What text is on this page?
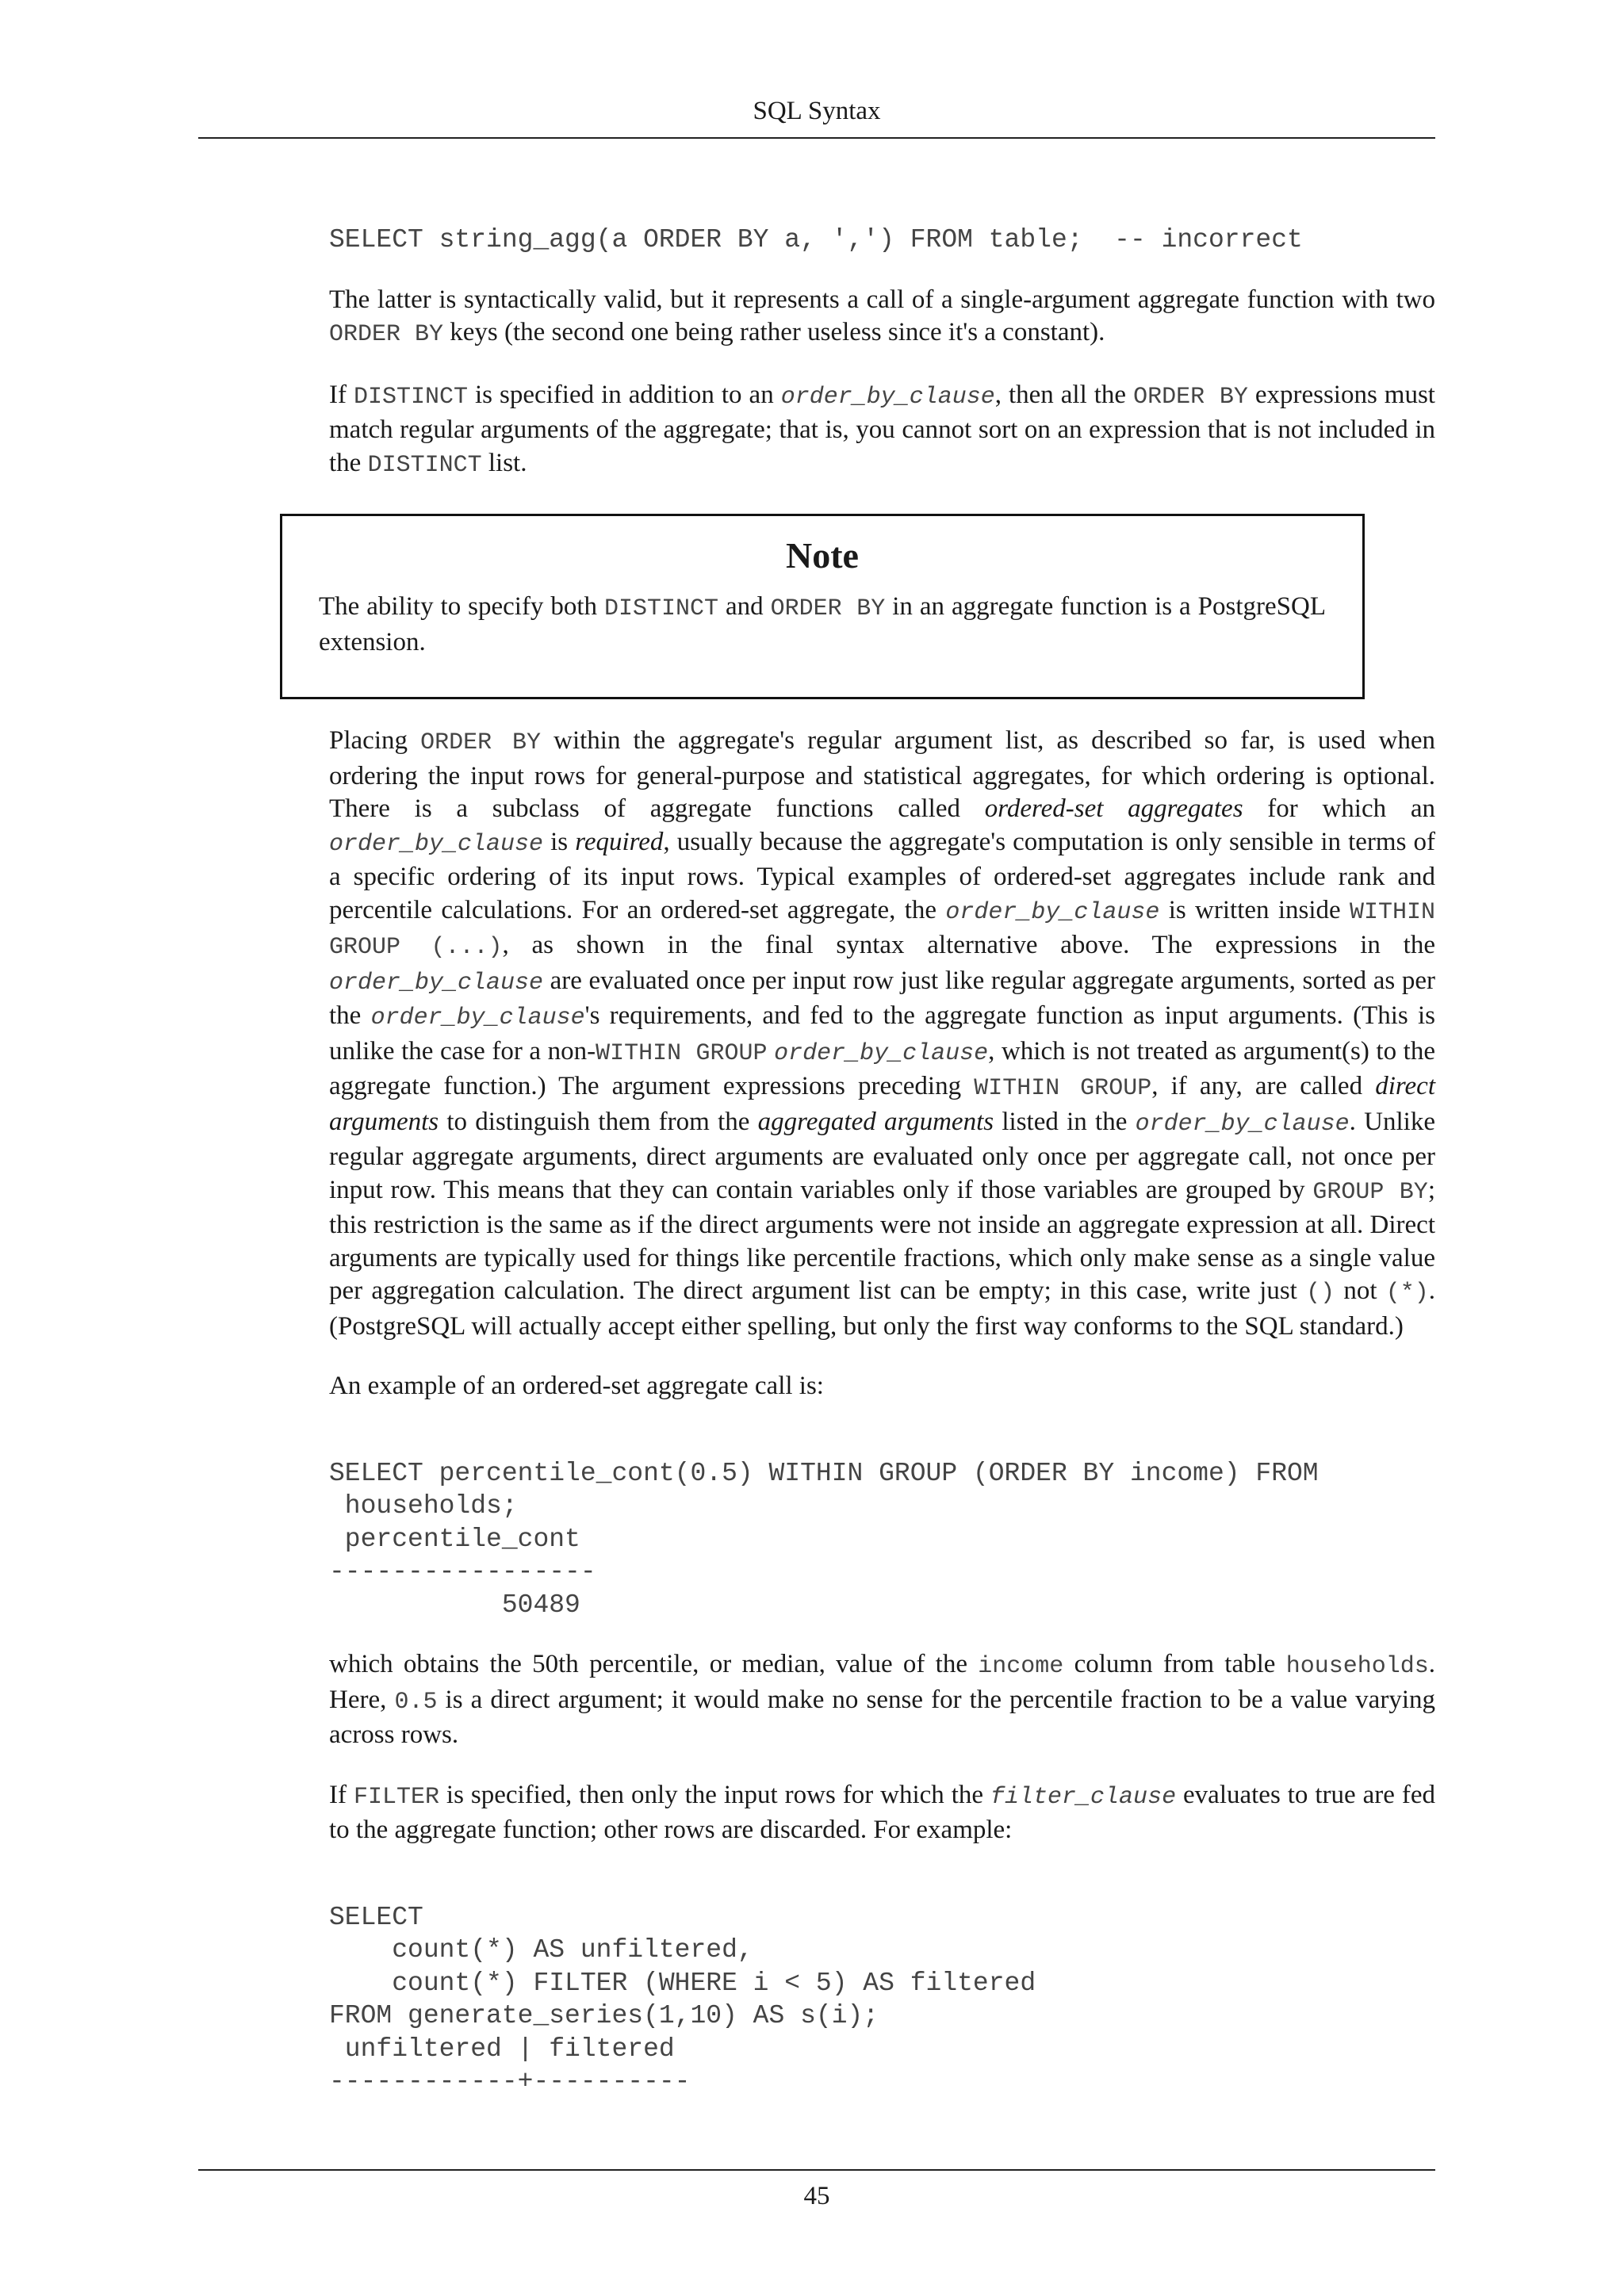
SQL Syntax
SELECT string_agg(a ORDER BY a, ',') FROM table;  -- incorrect

The latter is syntactically valid, but it represents a call of a single-argument aggregate function with two ORDER BY keys (the second one being rather useless since it's a constant).

If DISTINCT is specified in addition to an order_by_clause, then all the ORDER BY expressions must match regular arguments of the aggregate; that is, you cannot sort on an expression that is not included in the DISTINCT list.

Note

The ability to specify both DISTINCT and ORDER BY in an aggregate function is a PostgreSQL extension.

Placing ORDER BY within the aggregate's regular argument list, as described so far, is used when ordering the input rows for general-purpose and statistical aggregates, for which ordering is optional. There is a subclass of aggregate functions called ordered-set aggregates for which an order_by_clause is required, usually because the aggregate's computation is only sensible in terms of a specific ordering of its input rows. Typical examples of ordered-set aggregates include rank and percentile calculations. For an ordered-set aggregate, the order_by_clause is written inside WITHIN GROUP (...), as shown in the final syntax alternative above. The expressions in the order_by_clause are evaluated once per input row just like regular aggregate arguments, sorted as per the order_by_clause's requirements, and fed to the aggregate function as input arguments. (This is unlike the case for a non-WITHIN GROUP order_by_clause, which is not treated as argument(s) to the aggregate function.) The argument expressions preceding WITHIN GROUP, if any, are called direct arguments to distinguish them from the aggregated arguments listed in the order_by_clause. Unlike regular aggregate arguments, direct arguments are evaluated only once per aggregate call, not once per input row. This means that they can contain variables only if those variables are grouped by GROUP BY; this restriction is the same as if the direct arguments were not inside an aggregate expression at all. Direct arguments are typically used for things like percentile fractions, which only make sense as a single value per aggregation calculation. The direct argument list can be empty; in this case, write just () not (*). (PostgreSQL will actually accept either spelling, but only the first way conforms to the SQL standard.)

An example of an ordered-set aggregate call is:

SELECT percentile_cont(0.5) WITHIN GROUP (ORDER BY income) FROM
households;
percentile_cont
-----------------
50489

which obtains the 50th percentile, or median, value of the income column from table households. Here, 0.5 is a direct argument; it would make no sense for the percentile fraction to be a value varying across rows.

If FILTER is specified, then only the input rows for which the filter_clause evaluates to true are fed to the aggregate function; other rows are discarded. For example:

SELECT
count(*) AS unfiltered,
count(*) FILTER (WHERE i < 5) AS filtered
FROM generate_series(1,10) AS s(i);
unfiltered | filtered
------------+----------
45
